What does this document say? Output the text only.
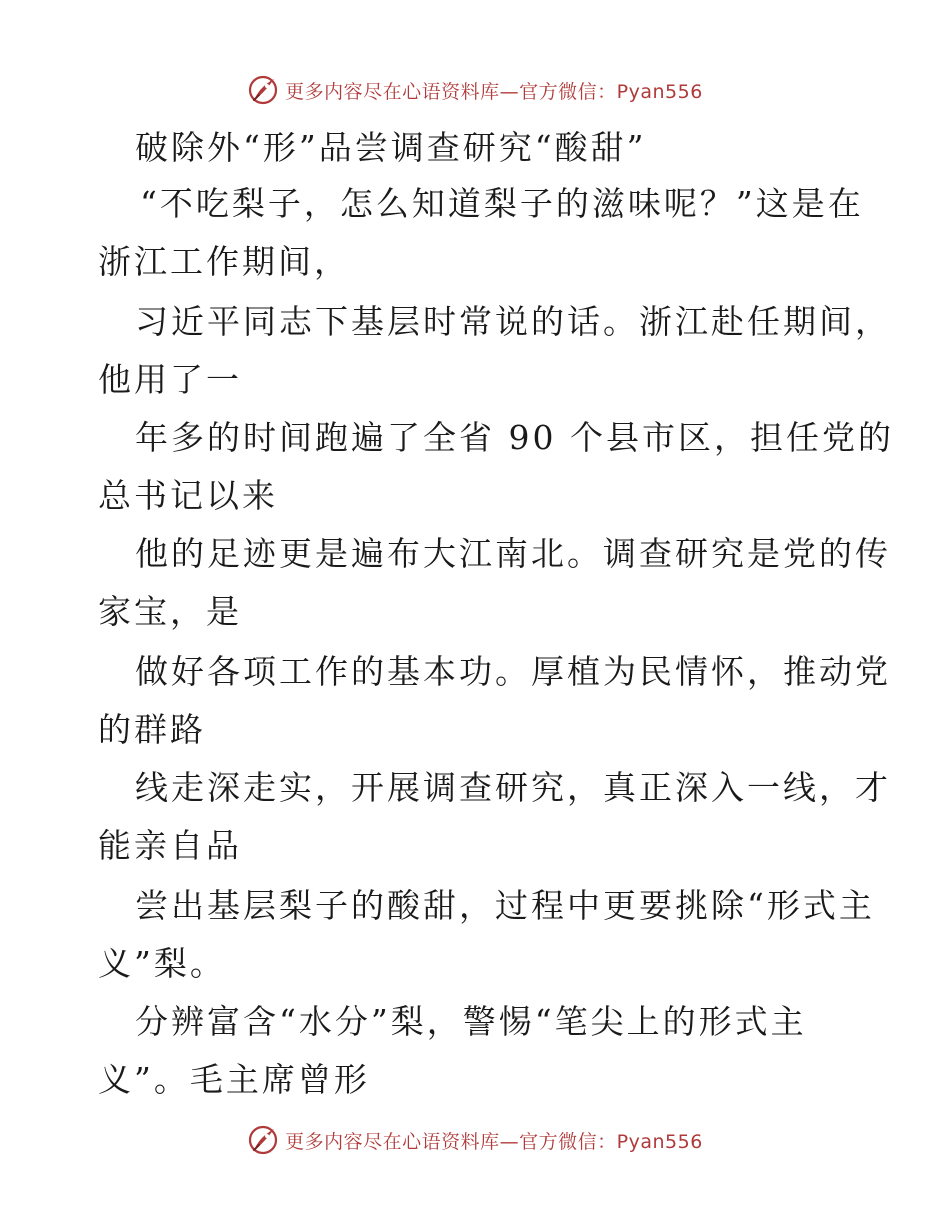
更多内容尽在心语资料库—官方微信：Pyan556
破除外“形”品尝调查研究“酸甜”
“不吃梨子，怎么知道梨子的滋味呢？”这是在
浙江工作期间，
习近平同志下基层时常说的话。浙江赴任期间，
他用了一
年多的时间跑遍了全省 90 个县市区，担任党的
总书记以来
他的足迹更是遍布大江南北。调查研究是党的传
家宝，是
做好各项工作的基本功。厚植为民情怀，推动党
的群路
线走深走实，开展调查研究，真正深入一线，才
能亲自品
尝出基层梨子的酸甜，过程中更要挑除“形式主
义”梨。
分辨富含“水分”梨，警惕“笔尖上的形式主
义”。毛主席曾形
更多内容尽在心语资料库—官方微信：Pyan556
